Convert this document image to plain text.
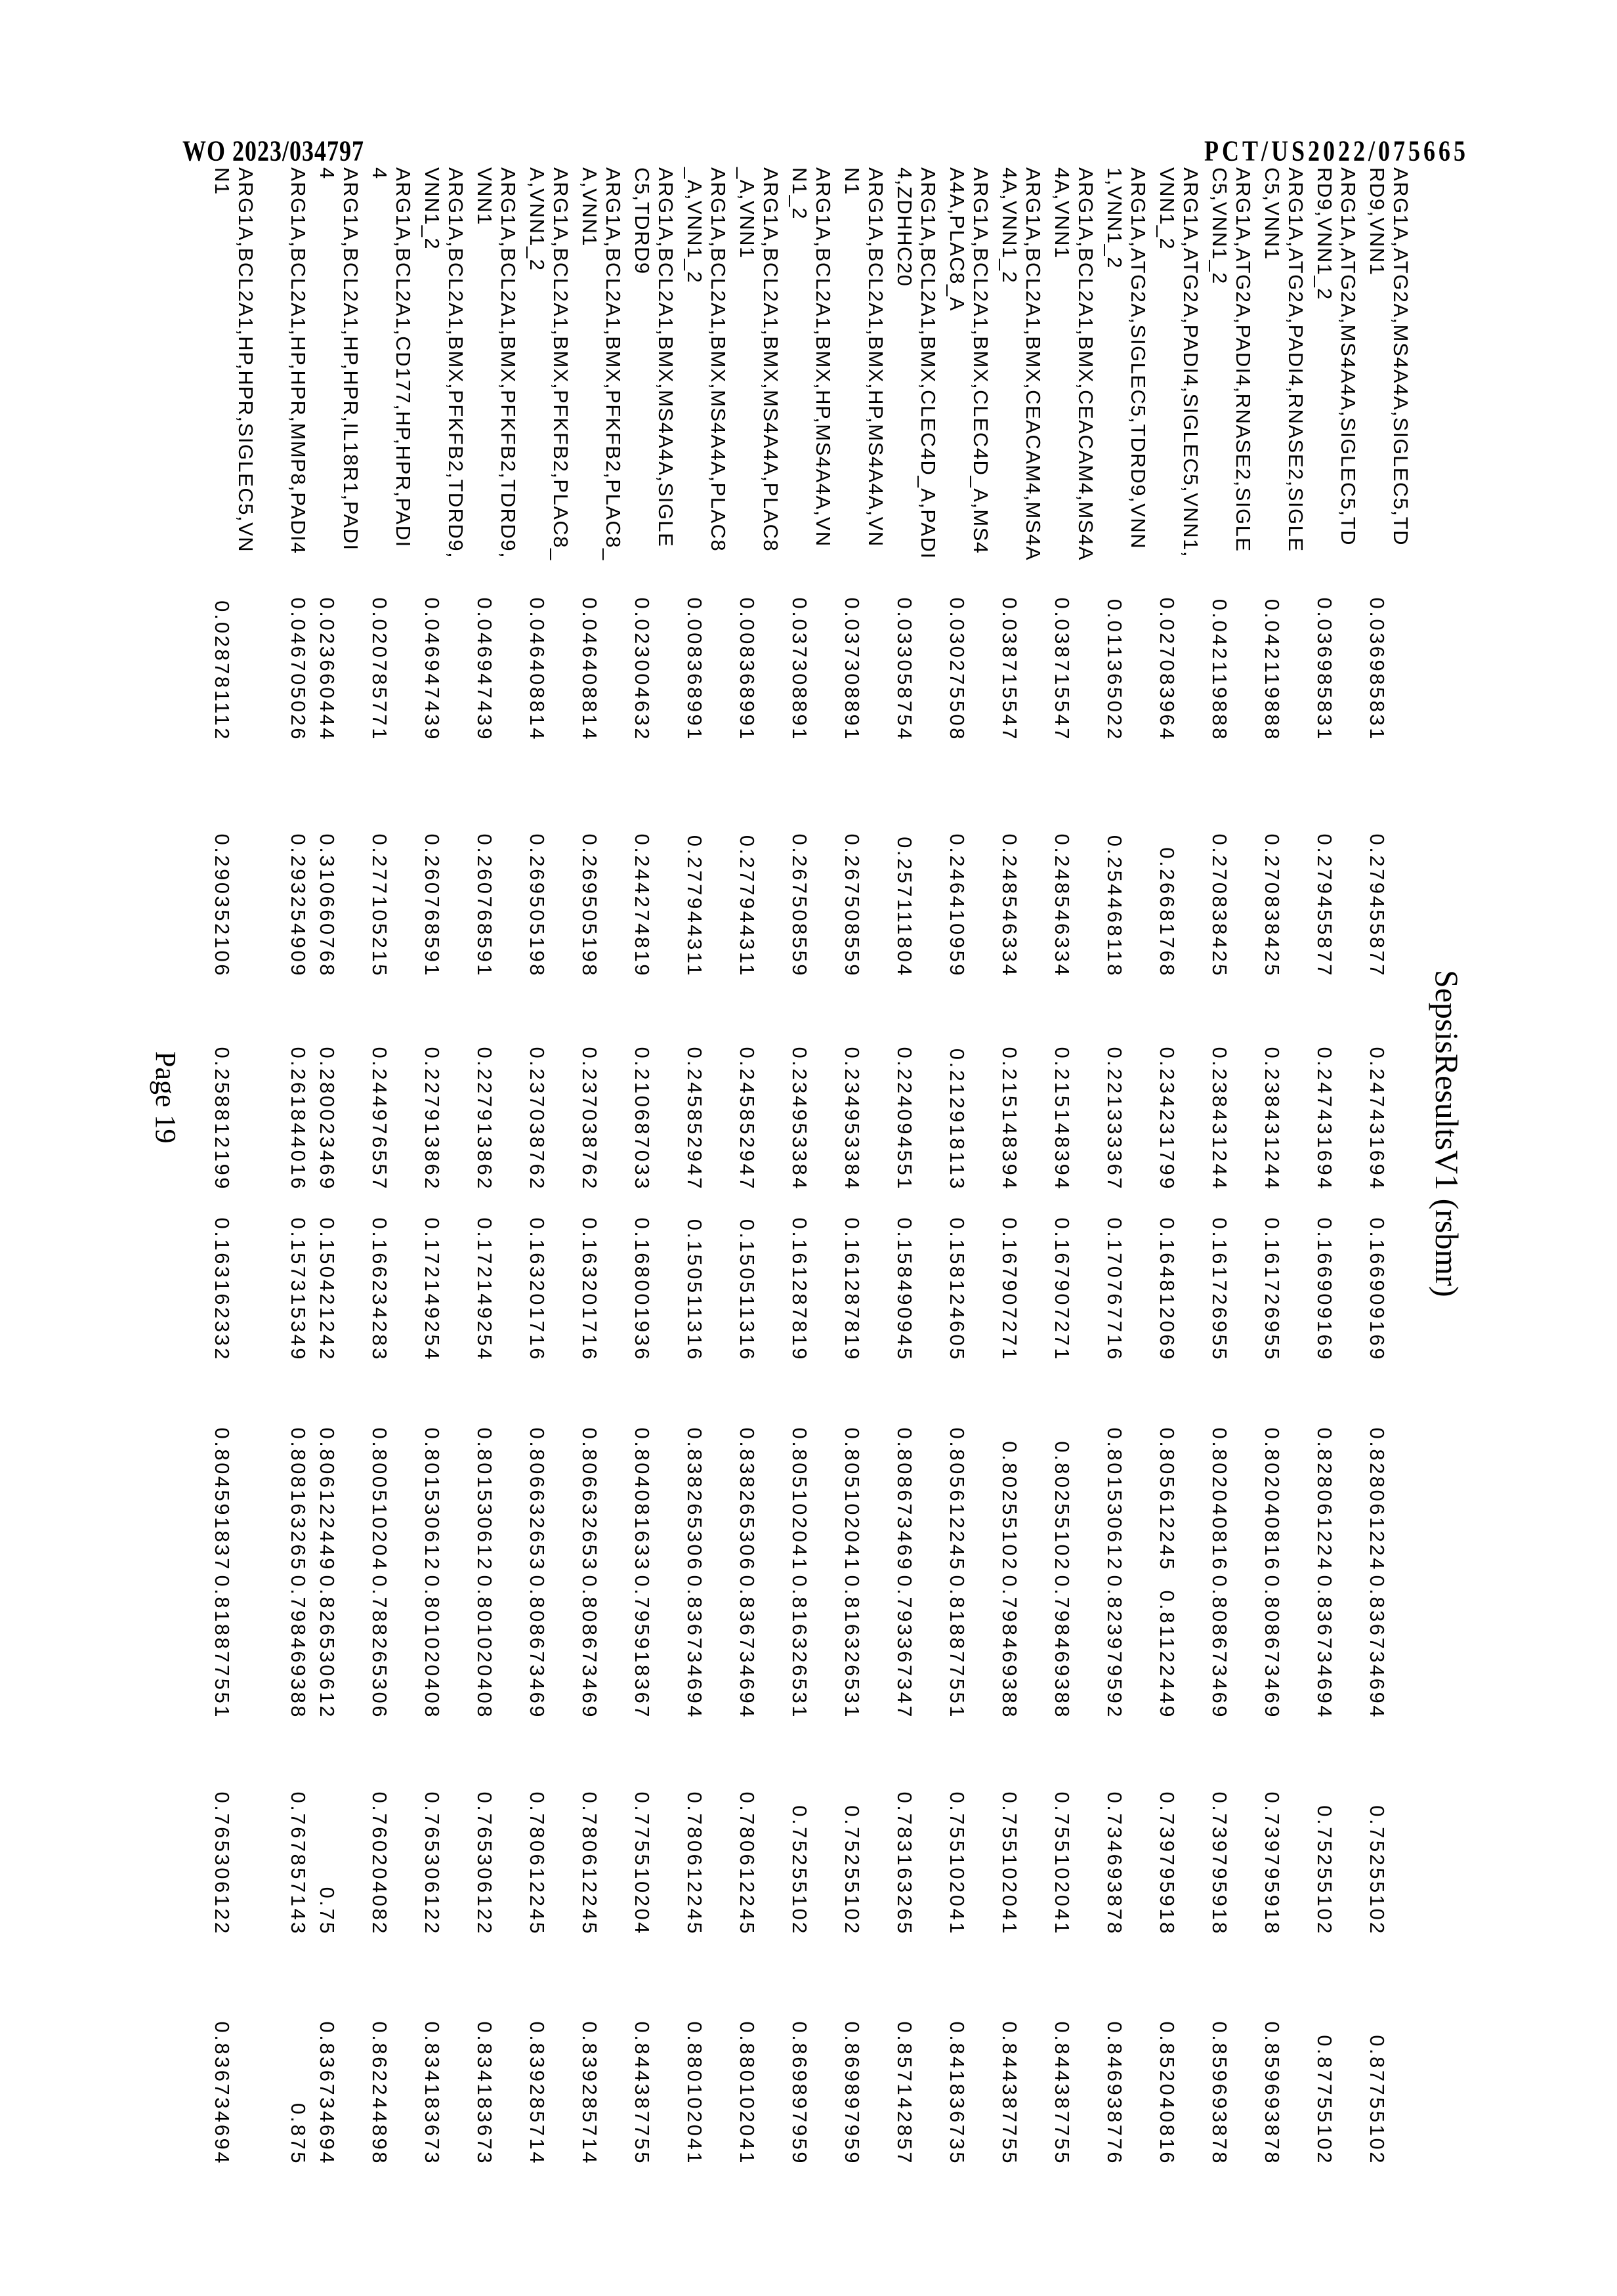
WO 2023/034797	PCT/US2022/075665
SepsisResultsV1 (rsbmr)
ARG1A,ATG2A,MS4A4A,SIGLEC5,TD
RD9,VNN1
0.036985831
0.279455877
0.247431694
0.166909169
0.828061224
0.836734694
0.75255102
0.87755102
ARG1A,ATG2A,MS4A4A,SIGLEC5,TD
RD9,VNN1_2
0.036985831
0.279455877
0.247431694
0.166909169
0.828061224
0.836734694
0.75255102
0.87755102
ARG1A,ATG2A,PADI4,RNASE2,SIGLE
C5,VNN1
0.042119888
0.270838425
0.238431244
0.161726955
0.802040816
0.808673469
0.739795918
0.859693878
ARG1A,ATG2A,PADI4,RNASE2,SIGLE
C5,VNN1_2
0.042119888
0.270838425
0.238431244
0.161726955
0.802040816
0.808673469
0.739795918
0.859693878
ARG1A,ATG2A,PADI4,SIGLEC5,VNN1,
VNN1_2
0.027083964
0.26681768
0.234231799
0.164812069
0.805612245
0.81122449
0.739795918
0.852040816
ARG1A,ATG2A,SIGLEC5,TDRD9,VNN
1,VNN1_2
0.011365022
0.254468118
0.221333367
0.170767716
0.801530612
0.823979592
0.734693878
0.846938776
ARG1A,BCL2A1,BMX,CEACAM4,MS4A
4A,VNN1
0.038715547
0.248546334
0.215148394
0.167907271
0.80255102
0.798469388
0.755102041
0.844387755
ARG1A,BCL2A1,BMX,CEACAM4,MS4A
4A,VNN1_2
0.038715547
0.248546334
0.215148394
0.167907271
0.80255102
0.798469388
0.755102041
0.844387755
ARG1A,BCL2A1,BMX,CLEC4D_A,MS4
A4A,PLAC8_A
0.030275508
0.246410959
0.212918113
0.158124605
0.805612245
0.818877551
0.755102041
0.841836735
ARG1A,BCL2A1,BMX,CLEC4D_A,PADI
4,ZDHHC20
0.033058754
0.257111804
0.224094551
0.158490945
0.808673469
0.793367347
0.783163265
0.857142857
ARG1A,BCL2A1,BMX,HP,MS4A4A,VN
N1
0.037308891
0.267508559
0.234953384
0.161287819
0.805102041
0.816326531
0.75255102
0.869897959
ARG1A,BCL2A1,BMX,HP,MS4A4A,VN
N1_2
0.037308891
0.267508559
0.234953384
0.161287819
0.805102041
0.816326531
0.75255102
0.869897959
ARG1A,BCL2A1,BMX,MS4A4A,PLAC8
_A,VNN1
0.008368991
0.277944311
0.245852947
0.150511316
0.838265306
0.836734694
0.780612245
0.880102041
ARG1A,BCL2A1,BMX,MS4A4A,PLAC8
_A,VNN1_2
0.008368991
0.277944311
0.245852947
0.150511316
0.838265306
0.836734694
0.780612245
0.880102041
ARG1A,BCL2A1,BMX,MS4A4A,SIGLE
C5,TDRD9
0.023004632
0.244274819
0.210687033
0.168001936
0.804081633
0.795918367
0.775510204
0.844387755
ARG1A,BCL2A1,BMX,PFKFB2,PLAC8_
A,VNN1
0.046408814
0.269505198
0.237038762
0.163201716
0.806632653
0.808673469
0.780612245
0.839285714
ARG1A,BCL2A1,BMX,PFKFB2,PLAC8_
A,VNN1_2
0.046408814
0.269505198
0.237038762
0.163201716
0.806632653
0.808673469
0.780612245
0.839285714
ARG1A,BCL2A1,BMX,PFKFB2,TDRD9,
VNN1
0.046947439
0.260768591
0.227913862
0.172149254
0.801530612
0.801020408
0.765306122
0.834183673
ARG1A,BCL2A1,BMX,PFKFB2,TDRD9,
VNN1_2
0.046947439
0.260768591
0.227913862
0.172149254
0.801530612
0.801020408
0.765306122
0.834183673
ARG1A,BCL2A1,CD177,HP,HPR,PADI
4
0.020785771
0.277105215
0.244976557
0.166234283
0.800510204
0.788265306
0.760204082
0.862244898
ARG1A,BCL2A1,HP,HPR,IL18R1,PADI
4
0.023660444
0.310660768
0.280023469
0.150421242
0.806122449
0.826530612
0.75
0.836734694
ARG1A,BCL2A1,HP,HPR,MMP8,PADI4
0.046705026
0.293254909
0.261844016
0.157315349
0.808163265
0.798469388
0.767857143
0.875
ARG1A,BCL2A1,HP,HPR,SIGLEC5,VN
N1
0.028781112
0.290352106
0.258812199
0.163162332
0.804591837
0.818877551
0.765306122
0.836734694
Page 19
